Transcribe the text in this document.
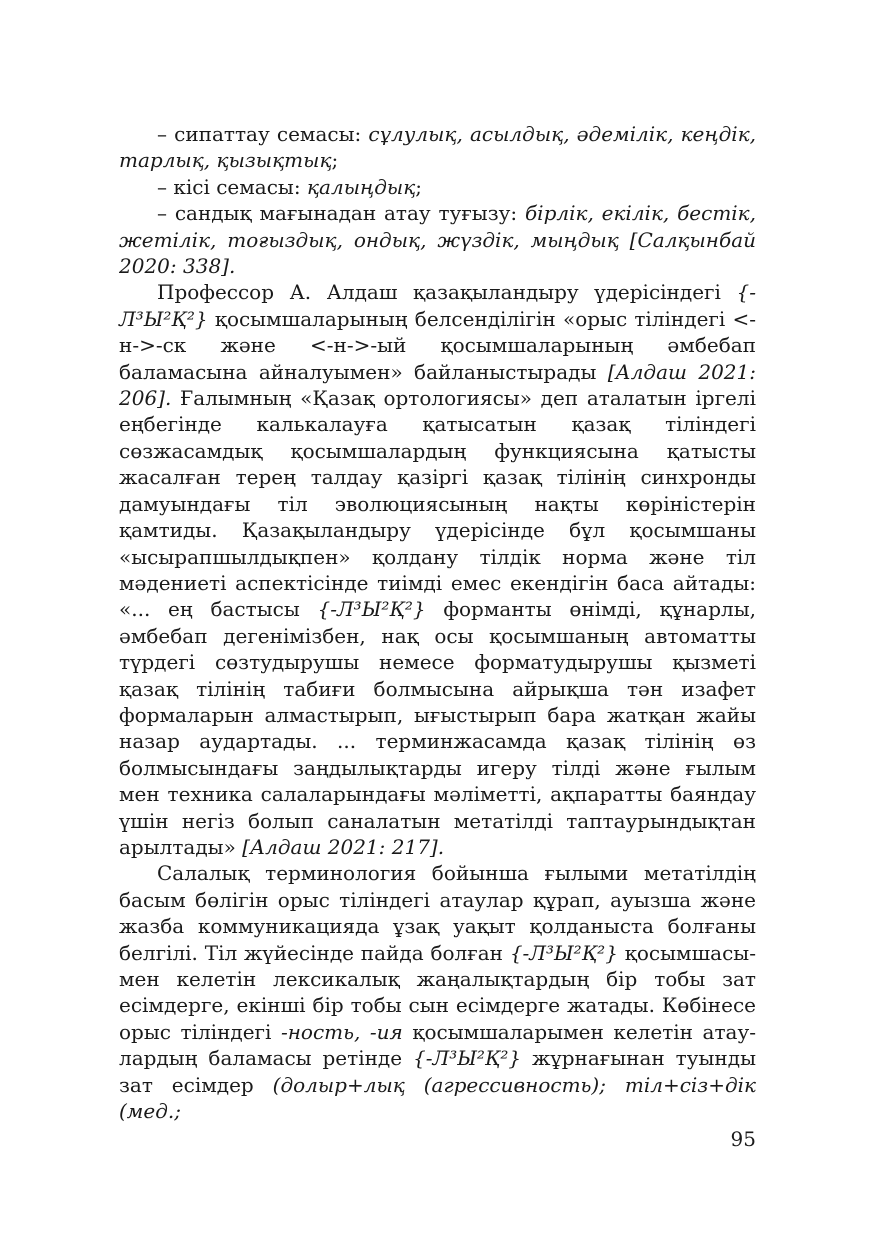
– сипаттау семасы: сұлулық, асылдық, әдемілік, кеңдік, тарлық, қызықтық;

– кісі семасы: қалыңдық;

– сандық мағынадан атау туғызу: бірлік, екілік, бестік, жетілік, тоғыздық, ондық, жүздік, мыңдық [Салқынбай 2020: 338].

Профессор А. Алдаш қазақыландыру үдерісіндегі {-Л³Ы²Қ²} қосымшаларының белсенділігін «орыс тіліндегі <-н->-ск және <-н->-ый қосымшаларының әмбебап баламасына айналуымен» байланыстырады [Алдаш 2021: 206]. Ғалымның «Қазақ ортологиясы» деп аталатын іргелі еңбегінде калькалауға қатысатын қазақ тіліндегі сөзжасамдық қосымшалардың функциясына қатысты жасалған терең талдау қазіргі қазақ тілінің синхронды дамуындағы тіл эволюциясының нақты көріністерін қамтиды. Қазақыландыру үдерісінде бұл қосымшаны «ысырапшылдықпен» қолдану тілдік норма және тіл мәдениеті аспектісінде тиімді емес екендігін баса айтады: «... ең бастысы {-Л³Ы²Қ²} форманты өнімді, құнарлы, әмбебап дегенімізбен, нақ осы қосымшаның автоматты түрдегі сөзтудырушы немесе форматудырушы қызметі қазақ тілінің табиғи болмысына айрықша тән изафет формаларын алмастырып, ығыстырып бара жатқан жайы назар аудартады. ... терминжасамда қазақ тілінің өз болмысындағы заңдылықтарды игеру тілді және ғылым мен техника салаларындағы мәліметті, ақпаратты баяндау үшін негіз болып саналатын метатілді таптаурындықтан арылтады» [Алдаш 2021: 217].

Салалық терминология бойынша ғылыми метатілдің басым бөлігін орыс тіліндегі атаулар құрап, ауызша және жазба коммуникацияда ұзақ уақыт қолданыста болғаны белгілі. Тіл жүйесінде пайда болған {-Л³Ы²Қ²} қосымшасымен келетін лексикалық жаңалықтардың бір тобы зат есімдерге, екінші бір тобы сын есімдерге жатады. Көбінесе орыс тіліндегі -ность, -ия қосымшаларымен келетін атаулардың баламасы ретінде {-Л³Ы²Қ²} жұрнағынан туынды зат есімдер (долыр+лық (агрессивность); тіл+сіз+дік (мед.;

95
